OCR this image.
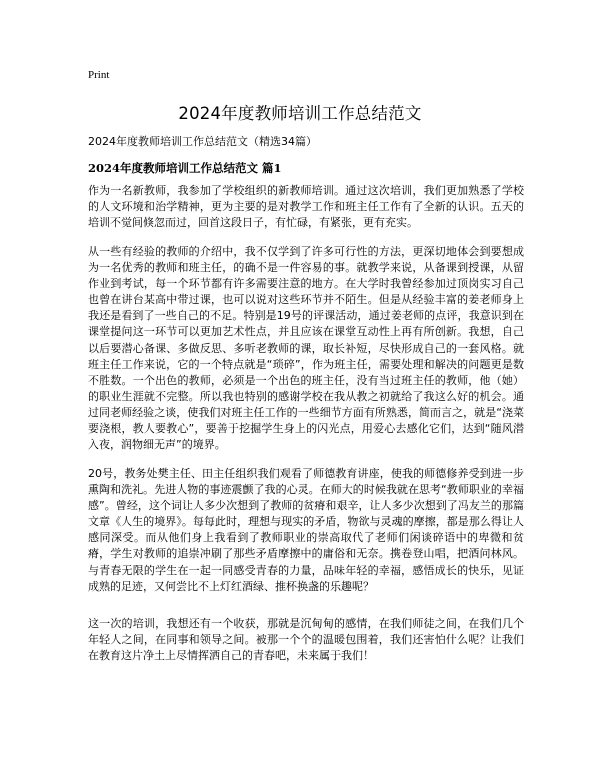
Print
2024年度教师培训工作总结范文
2024年度教师培训工作总结范文（精选34篇）
2024年度教师培训工作总结范文 篇1

作为一名新教师，我参加了学校组织的新教师培训。通过这次培训，我们更加熟悉了学校的人文环境和治学精神，更为主要的是对教学工作和班主任工作有了全新的认识。五天的培训不觉间倏忽而过，回首这段日子，有忙碌，有紧张，更有充实。

从一些有经验的教师的介绍中，我不仅学到了许多可行性的方法，更深切地体会到要想成为一名优秀的教师和班主任，的确不是一件容易的事。就教学来说，从备课到授课，从留作业到考试，每一个环节都有许多需要注意的地方。在大学时我曾经参加过顶岗实习自己也曾在讲台某高中带过课，也可以说对这些环节并不陌生。但是从经验丰富的姜老师身上我还是看到了一些自己的不足。特别是19号的评课活动，通过姜老师的点评，我意识到在课堂提问这一环节可以更加艺术性点，并且应该在课堂互动性上再有所创新。我想，自己以后要潜心备课、多做反思、多听老教师的课，取长补短，尽快形成自己的一套风格。就班主任工作来说，它的一个特点就是“琐碎”，作为班主任，需要处理和解决的问题更是数不胜数。一个出色的教师，必须是一个出色的班主任，没有当过班主任的教师，他（她）的职业生涯就不完整。所以我也特别的感谢学校在我从教之初就给了我这么好的机会。通过同老师经验之谈，使我们对班主任工作的一些细节方面有所熟悉，简而言之，就是“浇菜要浇根，教人要教心”，要善于挖掘学生身上的闪光点，用爱心去感化它们，达到“随风潜入夜，润物细无声”的境界。

20号，教务处樊主任、田主任组织我们观看了师德教育讲座，使我的师德修养受到进一步熏陶和洗礼。先进人物的事迹震颤了我的心灵。在师大的时候我就在思考“教师职业的幸福感”。曾经，这个词让人多少次想到了教师的贫瘠和艰辛，让人多少次想到了冯友兰的那篇文章《人生的境界》。每每此时，理想与现实的矛盾，物欲与灵魂的摩擦，都是那么得让人感同深受。而从他们身上我看到了教师职业的崇高取代了老师们闲谈碎语中的卑微和贫瘠，学生对教师的追崇冲刷了那些矛盾摩擦中的庸俗和无奈。携卷登山唱，把酒问林风。与青春无限的学生在一起一同感受青春的力量，品味年轻的幸福，感悟成长的快乐，见证成熟的足迹，又何尝比不上灯红酒绿、推杯换盏的乐趣呢？

这一次的培训，我想还有一个收获，那就是沉甸甸的感情，在我们师徒之间，在我们几个年轻人之间，在同事和领导之间。被那一个个的温暖包围着，我们还害怕什么呢？让我们在教育这片净土上尽情挥洒自己的青春吧，未来属于我们！
